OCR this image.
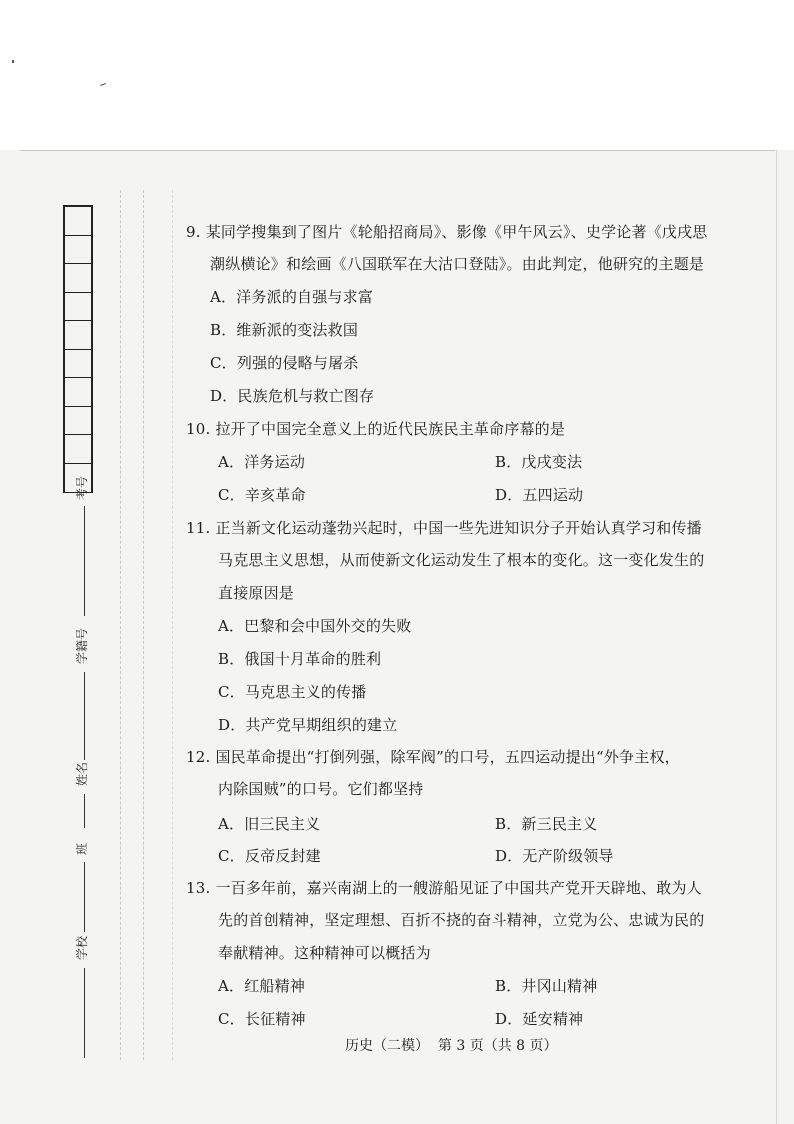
考号
学籍号
姓名
班
学校
9. 某同学搜集到了图片《轮船招商局》、影像《甲午风云》、史学论著《戊戌思
潮纵横论》和绘画《八国联军在大沽口登陆》。由此判定，他研究的主题是
A．洋务派的自强与求富
B．维新派的变法救国
C．列强的侵略与屠杀
D．民族危机与救亡图存
10. 拉开了中国完全意义上的近代民族民主革命序幕的是
A．洋务运动	B．戊戌变法
C．辛亥革命	D．五四运动
11. 正当新文化运动蓬勃兴起时，中国一些先进知识分子开始认真学习和传播
马克思主义思想，从而使新文化运动发生了根本的变化。这一变化发生的
直接原因是
A．巴黎和会中国外交的失败
B．俄国十月革命的胜利
C．马克思主义的传播
D．共产党早期组织的建立
12. 国民革命提出“打倒列强，除军阀”的口号，五四运动提出“外争主权，
内除国贼”的口号。它们都坚持
A．旧三民主义	B．新三民主义
C．反帝反封建	D．无产阶级领导
13. 一百多年前，嘉兴南湖上的一艘游船见证了中国共产党开天辟地、敢为人
先的首创精神，坚定理想、百折不挠的奋斗精神，立党为公、忠诚为民的
奉献精神。这种精神可以概括为
A．红船精神	B．井冈山精神
C．长征精神	D．延安精神
历史（二模） 第 3 页（共 8 页）
